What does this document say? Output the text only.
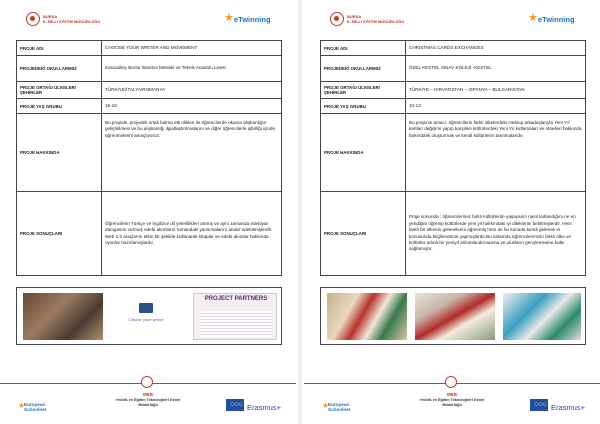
BURSA
İL MİLLİ EĞİTİM MÜDÜRLÜĞÜ	★ eTwinning
PROJE ADI	CHOOSE YOUR WRITER AND MOVEMENT
PROJEDEKİ OKULLARIMIZ	Karacabey Borsa İstanbul Mesleki ve Teknik Anadolu Lisesi
PROJE ORTAĞI ÜLKELER/ŞEHİRLER	TÜRKİYE/İTALYA/ROMANYA
PROJE YAŞ GRUBU	15-18
PROJE HAKKINDA	Bu projede, projedek ortak bulma etk nlikleri ile öğrencilerde okuma alışkanlığın geliştirilmesi ve bu alışkanlığı ilgiallaştırılmalarını ve diğer öğrencilerle işbirliği içinde öğrenmelerini amaçlıyoruz.
PROJE SONUÇLARI	Öğrencilerin Türkçe ve İngilizce dil yeterlilikleri artmış ve aynı zamanda edebiyat damgasını vurmuş edebi akımların romandaki yansımalarını analiz edebilmişlerdir. Web 2.0 araçlarını etkin bir şekilde kullanarak kitaplar ve edebi akımlar hakkında oyunlar hazırlamışlardır.
Choose your writer
PROJECT PARTNERS
MEB
Yenilik ve Eğitim Teknolojileri Genel Müdürlüğü
★
European Schoolnet
✩✩✩ Erasmus+
BURSA
İL MİLLİ EĞİTİM MÜDÜRLÜĞÜ	★ eTwinning
PROJE ADI	CHRISTMAS CARDS EXCHANGES
PROJEDEKİ OKULLARIMIZ	ÖZEL KESTEL SINAV KOLEJİ -KESTEL
PROJE ORTAĞI ÜLKELER/ŞEHİRLER	TÜRKİYE – HIRVATİSTAN – İSPANYA – BULGARİSTAN
PROJE YAŞ GRUBU	10-13
PROJE HAKKINDA	Bu projenin amacı; öğrencilerin farklı ülkelerdeki mektup arkadaşlarıyla Yeni Yıl kartları değişimi yapıp karşılıklı kültürlerdeki Yeni Yıl kutlamaları ve ritüelleri hakkında farkındalık oluşturmak ve kendi kültürlerini tanıtmalarıdır.
PROJE SONUÇLARI	Proje sonunda ; öğrencilerimiz farklı kültürlerde yaşayanın nasıl kutlandığını,ne en yendiğini öğrenip kültürlerde yeni yıl hakkındaki iyi dileklerini belirtmişlerdir. Hem farklı bir ülkenin gelenelerini öğrenmiş hem de bu konuda kendi gelenek ei konusunda bilgilendirme yapmışlardır.Bu anlamda öğrencilerimizin farklı ülke ve kültürler adına bir yeniyıl anlamlandırmasına ve ulusların gençlemesine katkı sağlamıştır.
MEB
Yenilik ve Eğitim Teknolojileri Genel Müdürlüğü
★
European Schoolnet
✩✩✩ Erasmus+
